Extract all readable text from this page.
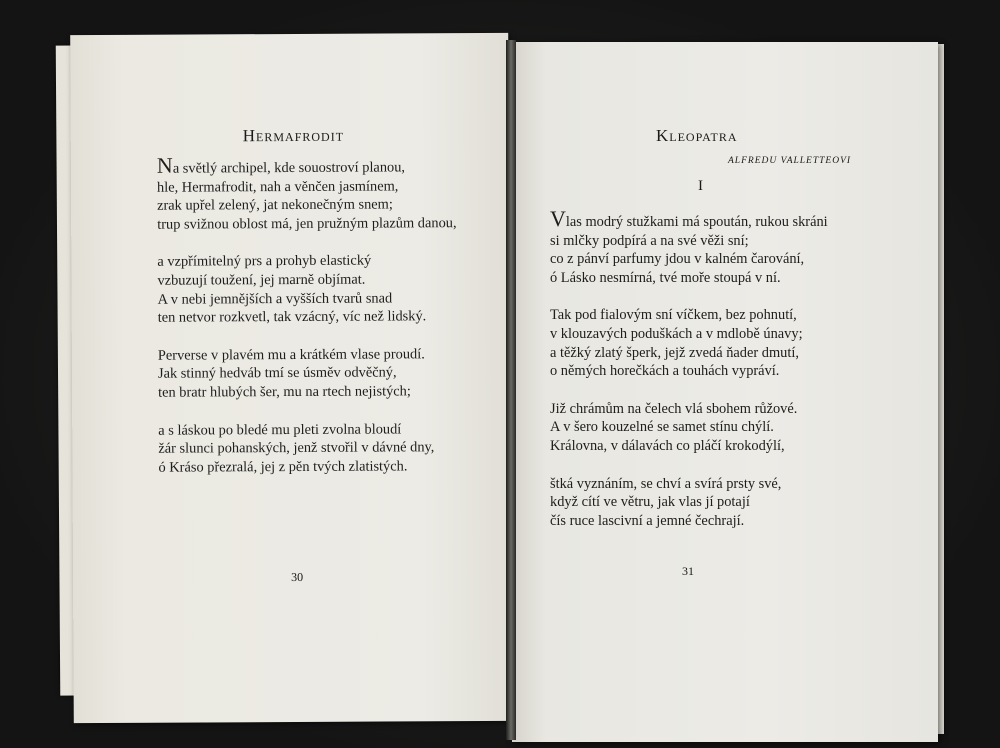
Hermafrodit
Na světlý archipel, kde souostroví planou,
hle, Hermafrodit, nah a věnčen jasmínem,
zrak upřel zelený, jat nekonečným snem;
trup svižnou oblost má, jen pružným plazům danou,
a vzpřímitelný prs a prohyb elastický
vzbuzují toužení, jej marně objímat.
A v nebi jemnějších a vyšších tvarů snad
ten netvor rozkvetl, tak vzácný, víc než lidský.
Perverse v plavém mu a krátkém vlase proudí.
Jak stinný hedváb tmí se úsměv odvěčný,
ten bratr hlubých šer, mu na rtech nejistých;
a s láskou po bledé mu pleti zvolna bloudí
žár slunci pohanských, jenž stvořil v dávné dny,
ó Kráso přezralá, jej z pěn tvých zlatistých.
30
Kleopatra
ALFREDU VALLETTEOVI
I
Vlas modrý stužkami má spoután, rukou skráni
si mlčky podpírá a na své věži sní;
co z pánví parfumy jdou v kalném čarování,
ó Lásko nesmírná, tvé moře stoupá v ní.
Tak pod fialovým sní víčkem, bez pohnutí,
v klouzavých poduškách a v mdlobě únavy;
a těžký zlatý šperk, jejž zvedá ňader dmutí,
o němých horečkách a touhách vypráví.
Již chrámům na čelech vlá sbohem růžové.
A v šero kouzelné se samet stínu chýlí.
Královna, v dálavách co pláčí krokodýlí,
štká vyznáním, se chví a svírá prsty své,
když cítí ve větru, jak vlas jí potají
čís ruce lascivní a jemné čechrají.
31
